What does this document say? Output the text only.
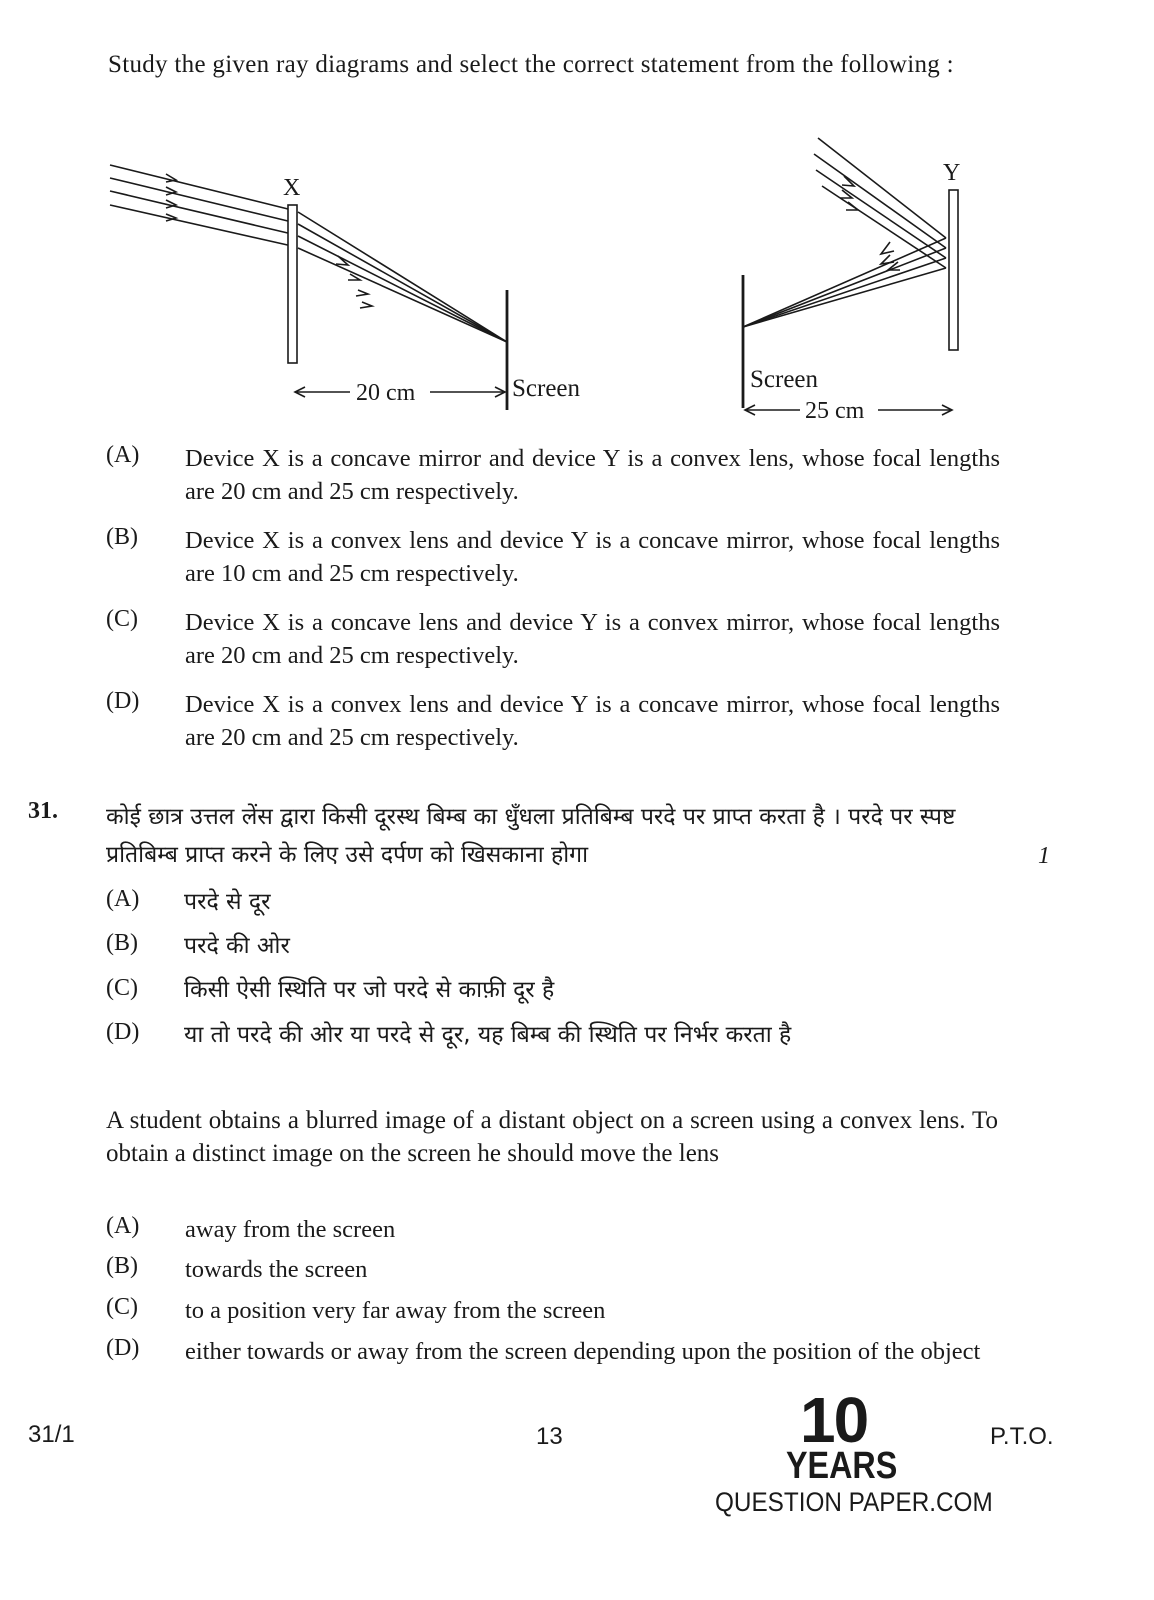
Study the given ray diagrams and select the correct statement from the following :
X
20 cm	Screen
Y
Screen
25 cm
(A) Device X is a concave mirror and device Y is a convex lens, whose focal lengths are 20 cm and 25 cm respectively.
(B) Device X is a convex lens and device Y is a concave mirror, whose focal lengths are 10 cm and 25 cm respectively.
(C) Device X is a concave lens and device Y is a convex mirror, whose focal lengths are 20 cm and 25 cm respectively.
(D) Device X is a convex lens and device Y is a concave mirror, whose focal lengths are 20 cm and 25 cm respectively.
31. कोई छात्र उत्तल लेंस द्वारा किसी दूरस्थ बिम्ब का धुँधला प्रतिबिम्ब परदे पर प्राप्त करता है । परदे पर स्पष्ट प्रतिबिम्ब प्राप्त करने के लिए उसे दर्पण को खिसकाना होगा	1
(A) परदे से दूर
(B) परदे की ओर
(C) किसी ऐसी स्थिति पर जो परदे से काफ़ी दूर है
(D) या तो परदे की ओर या परदे से दूर, यह बिम्ब की स्थिति पर निर्भर करता है
A student obtains a blurred image of a distant object on a screen using a convex lens. To obtain a distinct image on the screen he should move the lens
(A) away from the screen
(B) towards the screen
(C) to a position very far away from the screen
(D) either towards or away from the screen depending upon the position of the object
31/1	13	P.T.O.
10
YEARS
QUESTION PAPER.COM
